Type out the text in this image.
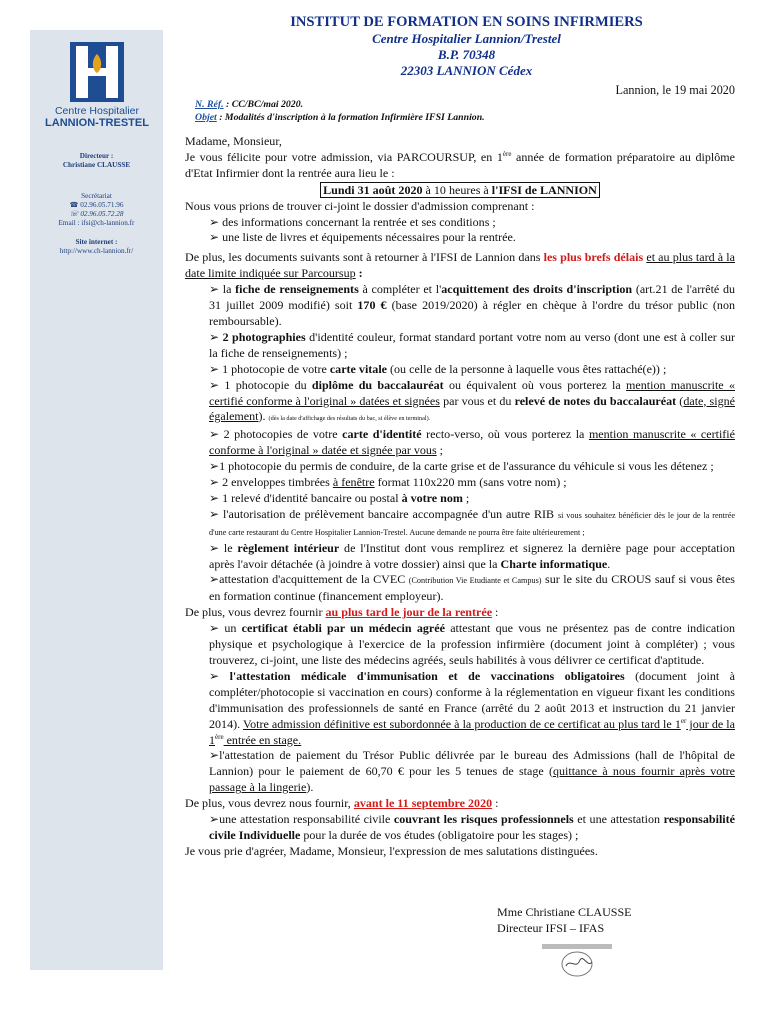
Centre Hospitalier
LANNION-TRESTEL
Directeur :
Christiane CLAUSSE
Secrétariat
☎ 02.96.05.71.96
☏ 02.96.05.72.28
Email : ifsi@ch-lannion.fr
Site internet :
http://www.ch-lannion.fr/
INSTITUT DE FORMATION EN SOINS INFIRMIERS
Centre Hospitalier Lannion/Trestel
B.P. 70348
22303 LANNION Cédex
Lannion, le 19 mai 2020
N. Réf. : CC/BC/mai 2020.
Objet : Modalités d'inscription à la formation Infirmière IFSI Lannion.

Madame, Monsieur,

Je vous félicite pour votre admission, via PARCOURSUP, en 1ère année de formation préparatoire au diplôme d'Etat Infirmier dont la rentrée aura lieu le :

Lundi 31 août 2020 à 10 heures à l'IFSI de LANNION

Nous vous prions de trouver ci-joint le dossier d'admission comprenant :

➢ des informations concernant la rentrée et ses conditions ;

➢ une liste de livres et équipements nécessaires pour la rentrée.

De plus, les documents suivants sont à retourner à l'IFSI de Lannion dans les plus brefs délais et au plus tard à la date limite indiquée sur Parcoursup :

➢ la fiche de renseignements à compléter et l'acquittement des droits d'inscription (art.21 de l'arrêté du 31 juillet 2009 modifié) soit 170 € (base 2019/2020) à régler en chèque à l'ordre du trésor public (non remboursable).

➢ 2 photographies d'identité couleur, format standard portant votre nom au verso (dont une est à coller sur la fiche de renseignements) ;

➢ 1 photocopie de votre carte vitale (ou celle de la personne à laquelle vous êtes rattaché(e)) ;

➢ 1 photocopie du diplôme du baccalauréat ou équivalent où vous porterez la mention manuscrite « certifié conforme à l'original » datées et signées par vous et du relevé de notes du baccalauréat (date, signé également). (dès la date d'affichage des résultats du bac, si élève en terminal).

➢ 2 photocopies de votre carte d'identité recto-verso, où vous porterez la mention manuscrite « certifié conforme à l'original » datée et signée par vous ;

➢1 photocopie du permis de conduire, de la carte grise et de l'assurance du véhicule si vous les détenez ;

➢ 2 enveloppes timbrées à fenêtre format 110x220 mm (sans votre nom) ;

➢ 1 relevé d'identité bancaire ou postal à votre nom ;

➢ l'autorisation de prélèvement bancaire accompagnée d'un autre RIB si vous souhaitez bénéficier dès le jour de la rentrée d'une carte restaurant du Centre Hospitalier Lannion-Trestel. Aucune demande ne pourra être faite ultérieurement ;

➢ le règlement intérieur de l'Institut dont vous remplirez et signerez la dernière page pour acceptation après l'avoir détachée (à joindre à votre dossier) ainsi que la Charte informatique.

➢attestation d'acquittement de la CVEC (Contribution Vie Etudiante et Campus) sur le site du CROUS sauf si vous êtes en formation continue (financement employeur).

De plus, vous devrez fournir au plus tard le jour de la rentrée :

➢ un certificat établi par un médecin agréé attestant que vous ne présentez pas de contre indication physique et psychologique à l'exercice de la profession infirmière (document joint à compléter) ; vous trouverez, ci-joint, une liste des médecins agréés, seuls habilités à vous délivrer ce certificat d'aptitude.

➢ l'attestation médicale d'immunisation et de vaccinations obligatoires (document joint à compléter/photocopie si vaccination en cours) conforme à la réglementation en vigueur fixant les conditions d'immunisation des professionnels de santé en France (arrêté du 2 août 2013 et instruction du 21 janvier 2014). Votre admission définitive est subordonnée à la production de ce certificat au plus tard le 1er jour de la 1ère entrée en stage.

➢l'attestation de paiement du Trésor Public délivrée par le bureau des Admissions (hall de l'hôpital de Lannion) pour le paiement de 60,70 € pour les 5 tenues de stage (quittance à nous fournir après votre passage à la lingerie).

De plus, vous devrez nous fournir, avant le 11 septembre 2020 :

➢une attestation responsabilité civile couvrant les risques professionnels et une attestation responsabilité civile Individuelle pour la durée de vos études (obligatoire pour les stages) ;

Je vous prie d'agréer, Madame, Monsieur, l'expression de mes salutations distinguées.

Mme Christiane CLAUSSE
Directeur IFSI – IFAS
